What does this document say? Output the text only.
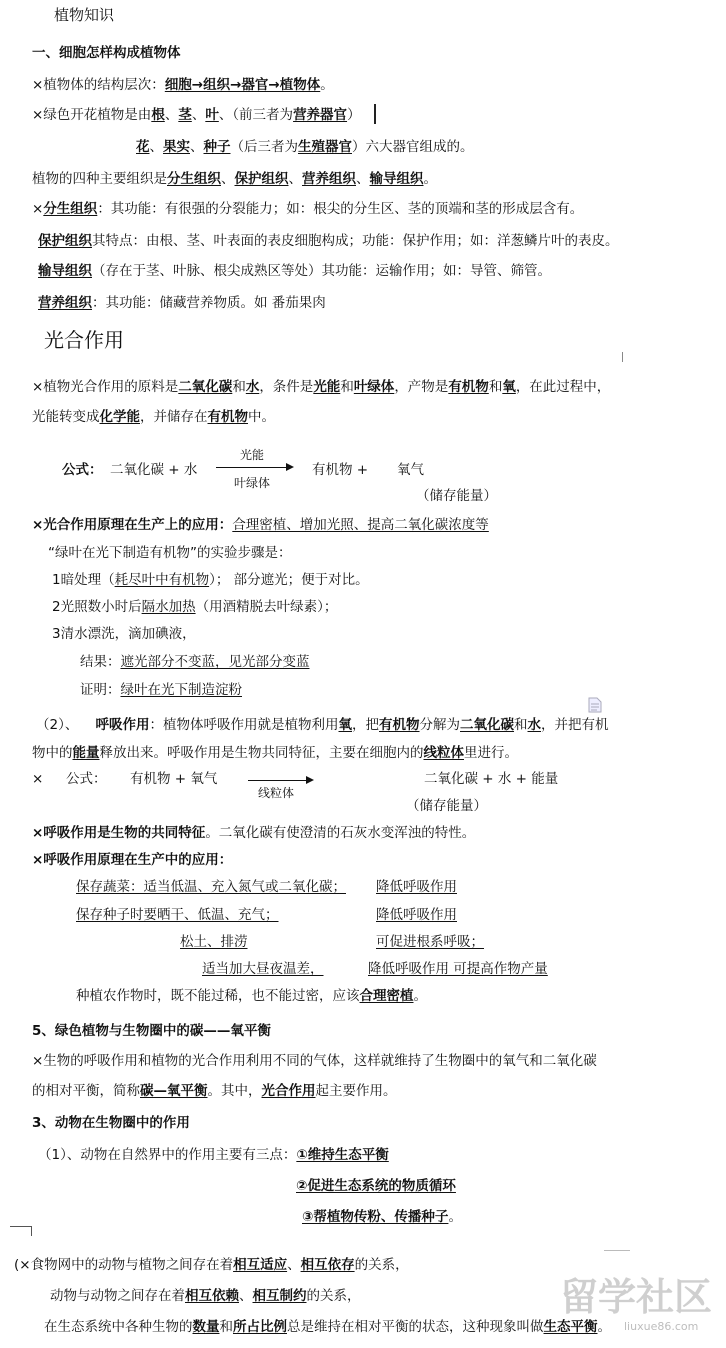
植物知识
一、细胞怎样构成植物体
×植物体的结构层次：细胞→组织→器官→植物体。
×绿色开花植物是由根、茎、叶、（前三者为营养器官）
花、果实、种子（后三者为生殖器官）六大器官组成的。
植物的四种主要组织是分生组织、保护组织、营养组织、输导组织。
×分生组织：其功能：有很强的分裂能力；如：根尖的分生区、茎的顶端和茎的形成层含有。
保护组织其特点：由根、茎、叶表面的表皮细胞构成；功能：保护作用；如：洋葱鳞片叶的表皮。
输导组织（存在于茎、叶脉、根尖成熟区等处）其功能：运输作用；如：导管、筛管。
营养组织：其功能：储藏营养物质。如 番茄果肉
光合作用
×植物光合作用的原料是二氧化碳和水，条件是光能和叶绿体，产物是有机物和氧，在此过程中，
光能转变成化学能，并储存在有机物中。
公式： 二氧化碳 + 水
光能
叶绿体
有机物 + 氧气
（储存能量）
×光合作用原理在生产上的应用：合理密植、增加光照、提高二氧化碳浓度等
“绿叶在光下制造有机物”的实验步骤是：
1暗处理（耗尽叶中有机物）； 部分遮光；便于对比。
2光照数小时后隔水加热（用酒精脱去叶绿素）；
3清水漂洗，滴加碘液，
结果：遮光部分不变蓝，见光部分变蓝
证明：绿叶在光下制造淀粉
（2）、 呼吸作用：植物体呼吸作用就是植物利用氧，把有机物分解为二氧化碳和水，并把有机
物中的能量释放出来。呼吸作用是生物共同特征，主要在细胞内的线粒体里进行。
× 公式： 有机物 + 氧气
线粒体
二氧化碳 + 水 + 能量
（储存能量）
×呼吸作用是生物的共同特征。二氧化碳有使澄清的石灰水变浑浊的特性。
×呼吸作用原理在生产中的应用：
保存蔬菜：适当低温、充入氮气或二氧化碳； 降低呼吸作用
保存种子时要晒干、低温、充气；	降低呼吸作用
松土、排涝	可促进根系呼吸；
适当加大昼夜温差，	降低呼吸作用 可提高作物产量
种植农作物时，既不能过稀，也不能过密，应该合理密植。
5、绿色植物与生物圈中的碳——氧平衡
×生物的呼吸作用和植物的光合作用利用不同的气体，这样就维持了生物圈中的氧气和二氧化碳
的相对平衡，简称碳—氧平衡。其中，光合作用起主要作用。
3、动物在生物圈中的作用
（1）、动物在自然界中的作用主要有三点：①维持生态平衡
②促进生态系统的物质循环
③帮植物传粉、传播种子。
(×食物网中的动物与植物之间存在着相互适应、相互依存的关系，
动物与动物之间存在着相互依赖、相互制约的关系，
在生态系统中各种生物的数量和所占比例总是维持在相对平衡的状态，这种现象叫做生态平衡。
留学社区
liuxue86.com
